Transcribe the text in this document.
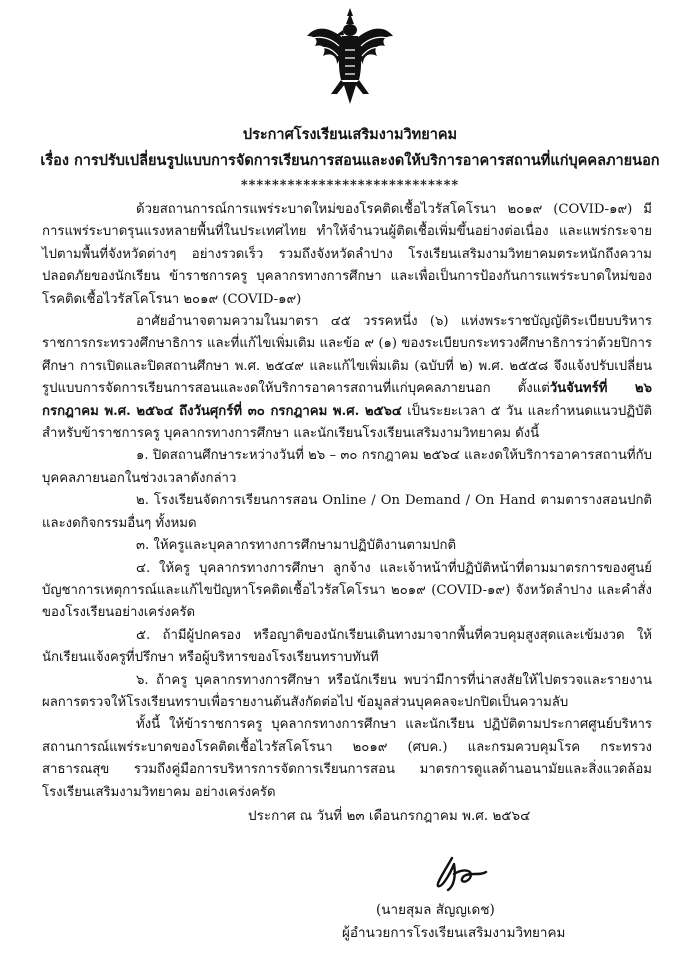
ประกาศโรงเรียนเสริมงามวิทยาคม
เรื่อง การปรับเปลี่ยนรูปแบบการจัดการเรียนการสอนและงดให้บริการอาคารสถานที่แก่บุคคลภายนอก
****************************

ด้วยสถานการณ์การแพร่ระบาดใหม่ของโรคติดเชื้อไวรัสโคโรนา ๒๐๑๙ (COVID-๑๙) มีการแพร่ระบาดรุนแรงหลายพื้นที่ในประเทศไทย ทำให้จำนวนผู้ติดเชื้อเพิ่มขึ้นอย่างต่อเนื่อง และแพร่กระจายไปตามพื้นที่จังหวัดต่างๆ อย่างรวดเร็ว รวมถึงจังหวัดลำปาง โรงเรียนเสริมงามวิทยาคมตระหนักถึงความปลอดภัยของนักเรียน ข้าราชการครู บุคลากรทางการศึกษา และเพื่อเป็นการป้องกันการแพร่ระบาดใหม่ของโรคติดเชื้อไวรัสโคโรนา ๒๐๑๙ (COVID-๑๙)

อาศัยอำนาจตามความในมาตรา ๔๕ วรรคหนึ่ง (๖) แห่งพระราชบัญญัติระเบียบบริหารราชการกระทรวงศึกษาธิการ และที่แก้ไขเพิ่มเติม และข้อ ๙ (๑) ของระเบียบกระทรวงศึกษาธิการว่าด้วยปิการศึกษา การเปิดและปิดสถานศึกษา พ.ศ. ๒๕๔๙ และแก้ไขเพิ่มเติม (ฉบับที่ ๒) พ.ศ. ๒๕๕๘ จึงแจ้งปรับเปลี่ยนรูปแบบการจัดการเรียนการสอนและงดให้บริการอาคารสถานที่แก่บุคคลภายนอก ตั้งแต่วันจันทร์ที่ ๒๖ กรกฎาคม พ.ศ. ๒๕๖๔ ถึงวันศุกร์ที่ ๓๐ กรกฎาคม พ.ศ. ๒๕๖๔ เป็นระยะเวลา ๕ วัน และกำหนดแนวปฏิบัติสำหรับข้าราชการครู บุคลากรทางการศึกษา และนักเรียนโรงเรียนเสริมงามวิทยาคม ดังนี้

๑. ปิดสถานศึกษาระหว่างวันที่ ๒๖ – ๓๐ กรกฎาคม ๒๕๖๔ และงดให้บริการอาคารสถานที่กับบุคคลภายนอกในช่วงเวลาดังกล่าว

๒. โรงเรียนจัดการเรียนการสอน Online / On Demand / On Hand ตามตารางสอนปกติ และงดกิจกรรมอื่นๆ ทั้งหมด

๓. ให้ครูและบุคลากรทางการศึกษามาปฏิบัติงานตามปกติ

๔. ให้ครู บุคลากรทางการศึกษา ลูกจ้าง และเจ้าหน้าที่ปฏิบัติหน้าที่ตามมาตรการของศูนย์บัญชาการเหตุการณ์และแก้ไขปัญหาโรคติดเชื้อไวรัสโคโรนา ๒๐๑๙ (COVID-๑๙) จังหวัดลำปาง และคำสั่งของโรงเรียนอย่างเคร่งครัด

๕. ถ้ามีผู้ปกครอง หรือญาติของนักเรียนเดินทางมาจากพื้นที่ควบคุมสูงสุดและเข้มงวด ให้นักเรียนแจ้งครูที่ปรึกษา หรือผู้บริหารของโรงเรียนทราบทันที

๖. ถ้าครู บุคลากรทางการศึกษา หรือนักเรียน พบว่ามีการที่น่าสงสัยให้ไปตรวจและรายงานผลการตรวจให้โรงเรียนทราบเพื่อรายงานต้นสังกัดต่อไป ข้อมูลส่วนบุคคลจะปกปิดเป็นความลับ

ทั้งนี้ ให้ข้าราชการครู บุคลากรทางการศึกษา และนักเรียน ปฏิบัติตามประกาศศูนย์บริหารสถานการณ์แพร่ระบาดของโรคติดเชื้อไวรัสโคโรนา ๒๐๑๙ (ศบค.) และกรมควบคุมโรค กระทรวงสาธารณสุข รวมถึงคู่มือการบริหารการจัดการเรียนการสอน มาตรการดูแลด้านอนามัยและสิ่งแวดล้อม โรงเรียนเสริมงามวิทยาคม อย่างเคร่งครัด

ประกาศ ณ วันที่ ๒๓ เดือนกรกฎาคม พ.ศ. ๒๕๖๔
(นายสุมล สัญญเดช)
ผู้อำนวยการโรงเรียนเสริมงามวิทยาคม
